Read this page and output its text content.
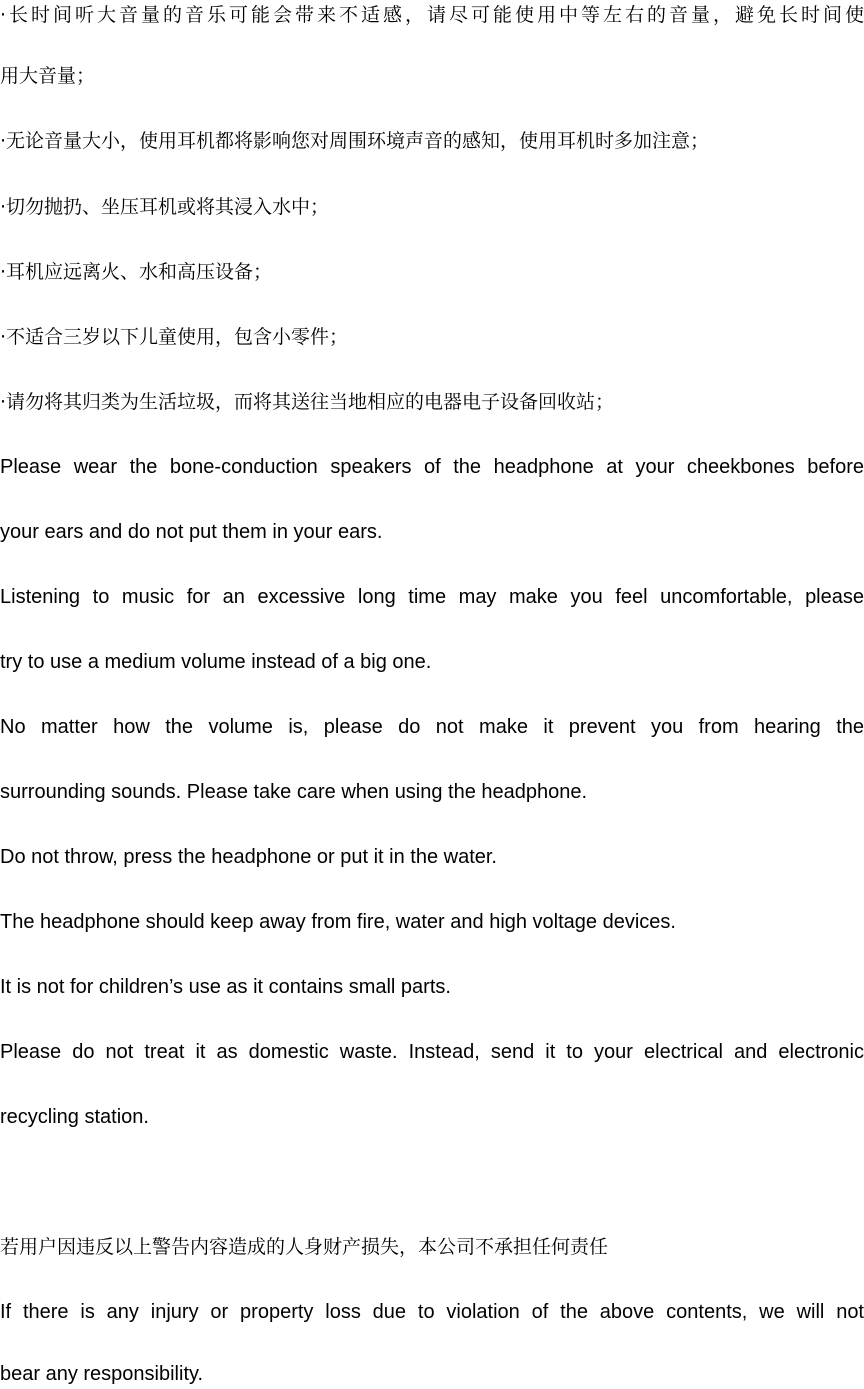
·长时间听大音量的音乐可能会带来不适感，请尽可能使用中等左右的音量，避免长时间使
用大音量；
·无论音量大小，使用耳机都将影响您对周围环境声音的感知，使用耳机时多加注意；
·切勿抛扔、坐压耳机或将其浸入水中；
·耳机应远离火、水和高压设备；
·不适合三岁以下儿童使用，包含小零件；
·请勿将其归类为生活垃圾，而将其送往当地相应的电器电子设备回收站；
Please wear the bone-conduction speakers of the headphone at your cheekbones before
your ears and do not put them in your ears.
Listening to music for an excessive long time may make you feel uncomfortable, please
try to use a medium volume instead of a big one.
No matter how the volume is, please do not make it prevent you from hearing the
surrounding sounds. Please take care when using the headphone.
Do not throw, press the headphone or put it in the water.
The headphone should keep away from fire, water and high voltage devices.
It is not for children’s use as it contains small parts.
Please do not treat it as domestic waste. Instead, send it to your electrical and electronic
recycling station.
若用户因违反以上警告内容造成的人身财产损失，本公司不承担任何责任
If there is any injury or property loss due to violation of the above contents, we will not
bear any responsibility.
